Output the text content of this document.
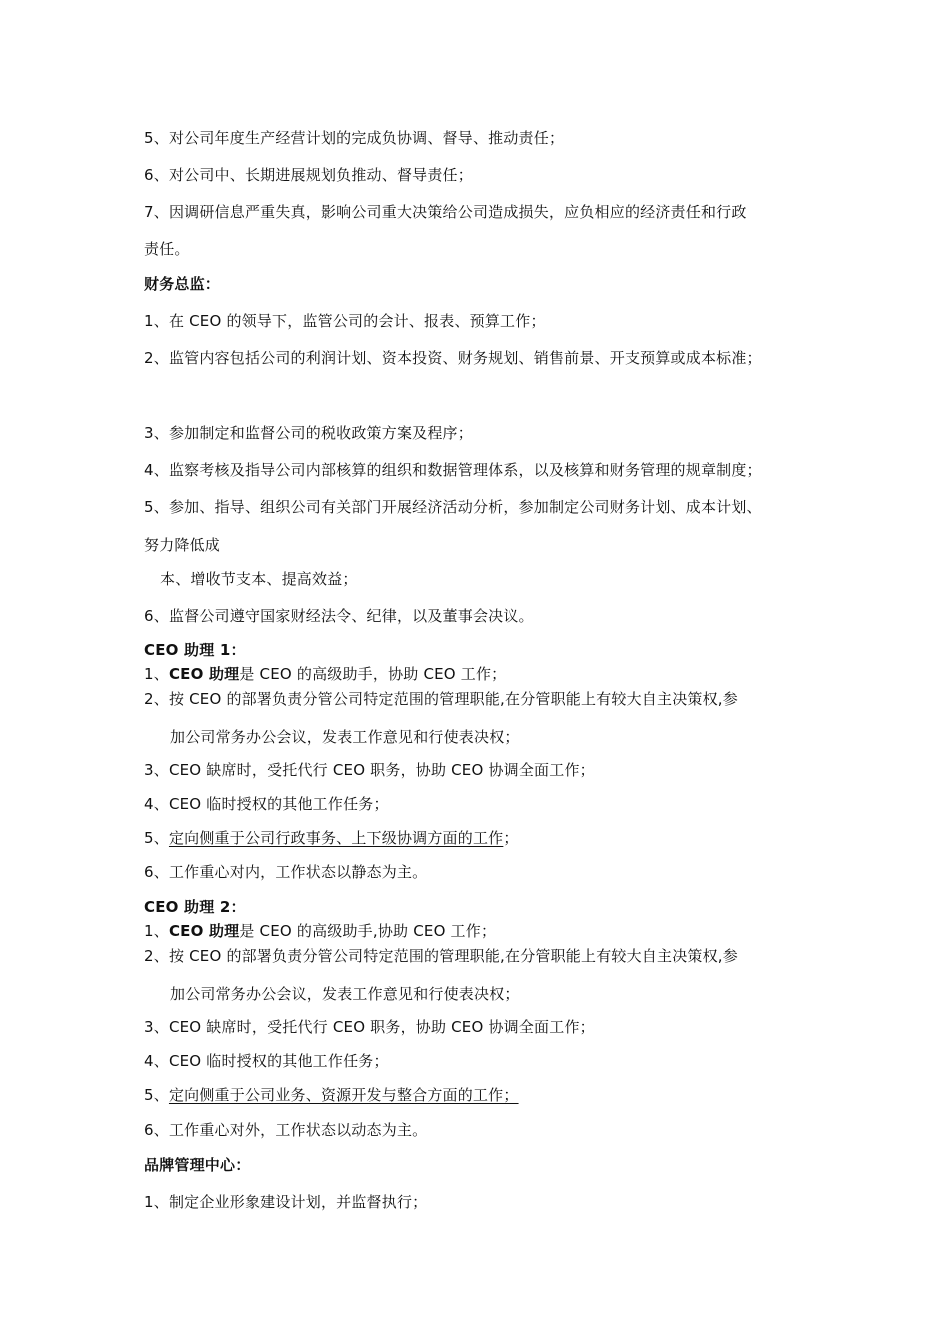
5、对公司年度生产经营计划的完成负协调、督导、推动责任；
6、对公司中、长期进展规划负推动、督导责任；
7、因调研信息严重失真，影响公司重大决策给公司造成损失，应负相应的经济责任和行政
责任。
财务总监：
1、在 CEO 的领导下，监管公司的会计、报表、预算工作；
2、监管内容包括公司的利润计划、资本投资、财务规划、销售前景、开支预算或成本标准；
3、参加制定和监督公司的税收政策方案及程序；
4、监察考核及指导公司内部核算的组织和数据管理体系，以及核算和财务管理的规章制度；
5、参加、指导、组织公司有关部门开展经济活动分析，参加制定公司财务计划、成本计划、
努力降低成
本、增收节支本、提高效益；
6、监督公司遵守国家财经法令、纪律，以及董事会决议。
CEO 助理 1：
1、CEO 助理是 CEO 的高级助手，协助 CEO 工作；
2、按 CEO 的部署负责分管公司特定范围的管理职能,在分管职能上有较大自主决策权,参
加公司常务办公会议，发表工作意见和行使表决权；
3、CEO 缺席时，受托代行 CEO 职务，协助 CEO 协调全面工作；
4、CEO 临时授权的其他工作任务；
5、定向侧重于公司行政事务、上下级协调方面的工作；
6、工作重心对内，工作状态以静态为主。
CEO 助理 2：
1、CEO 助理是 CEO 的高级助手,协助 CEO 工作；
2、按 CEO 的部署负责分管公司特定范围的管理职能,在分管职能上有较大自主决策权,参
加公司常务办公会议，发表工作意见和行使表决权；
3、CEO 缺席时，受托代行 CEO 职务，协助 CEO 协调全面工作；
4、CEO 临时授权的其他工作任务；
5、定向侧重于公司业务、资源开发与整合方面的工作；
6、工作重心对外，工作状态以动态为主。
品牌管理中心：
1、制定企业形象建设计划，并监督执行；
